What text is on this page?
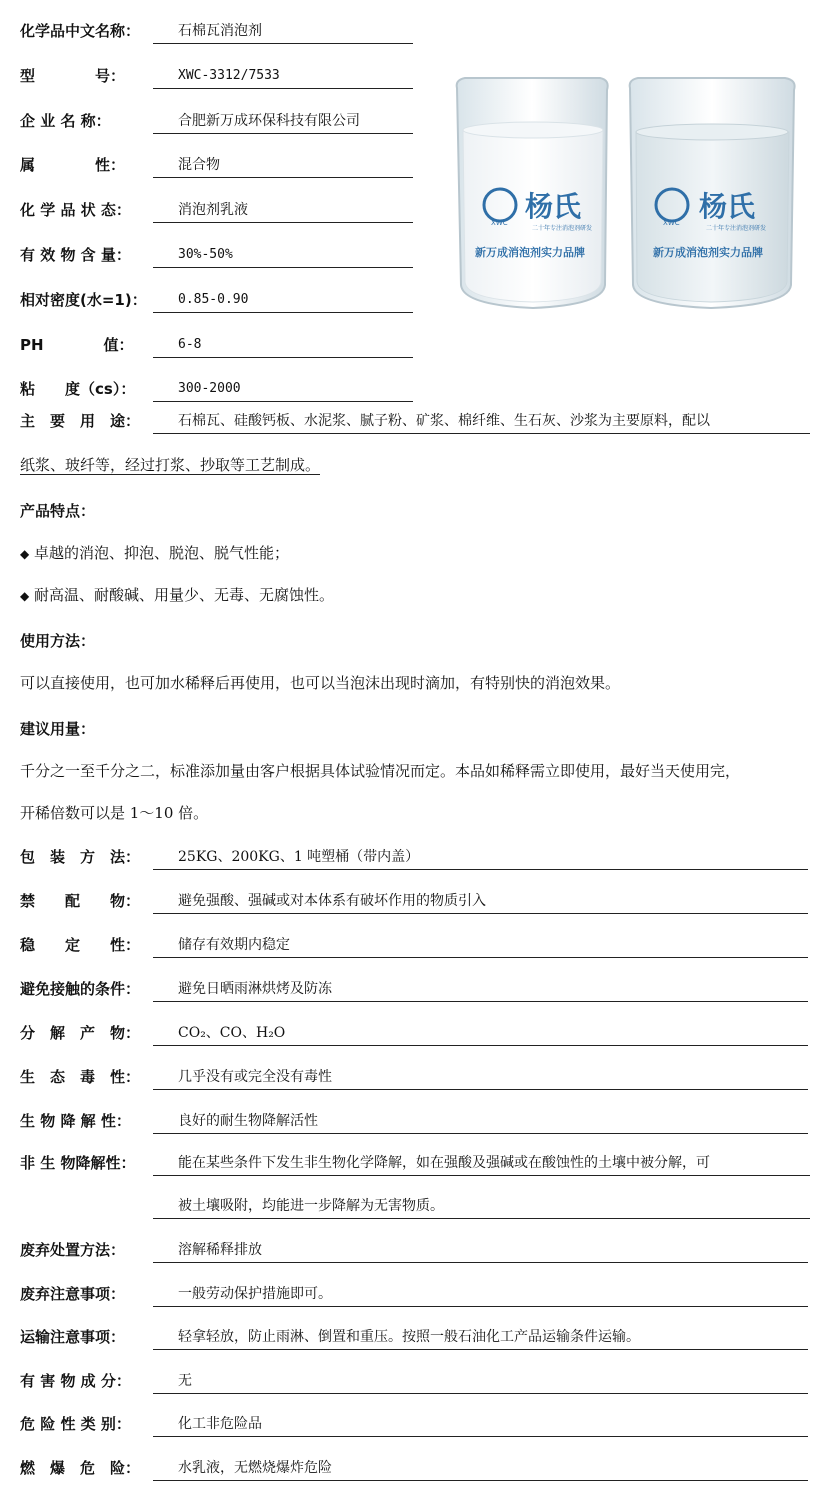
化学品中文名称：	石棉瓦消泡剂
型　　　　号：	XWC-3312/7533
企 业 名 称：	合肥新万成环保科技有限公司
属　　　　性：	混合物
化 学 品 状 态：	消泡剂乳液
有 效 物 含 量：	30%-50%
相对密度(水=1)：	0.85-0.90
PH　　　　值：	6-8
粘　　度（cs）：	300-2000
XWC 杨氏
二十年专注消泡剂研发
新万成消泡剂实力品牌
XWC 杨氏
二十年专注消泡剂研发
新万成消泡剂实力品牌
主　要　用　途：	石棉瓦、硅酸钙板、水泥浆、腻子粉、矿浆、棉纤维、生石灰、沙浆为主要原料，配以
纸浆、玻纤等，经过打浆、抄取等工艺制成。
产品特点：
◆ 卓越的消泡、抑泡、脱泡、脱气性能；
◆ 耐高温、耐酸碱、用量少、无毒、无腐蚀性。
使用方法：
可以直接使用，也可加水稀释后再使用，也可以当泡沫出现时滴加，有特别快的消泡效果。
建议用量：
千分之一至千分之二，标准添加量由客户根据具体试验情况而定。本品如稀释需立即使用，最好当天使用完，
开稀倍数可以是 1～10 倍。
包　装　方　法：	25KG、200KG、1 吨塑桶（带内盖）
禁　　配　　物：	避免强酸、强碱或对本体系有破坏作用的物质引入
稳　　定　　性：	储存有效期内稳定
避免接触的条件：	避免日晒雨淋烘烤及防冻
分　解　产　物：	CO₂、CO、H₂O
生　态　毒　性：	几乎没有或完全没有毒性
生 物 降 解 性：	良好的耐生物降解活性
非 生 物降解性：	能在某些条件下发生非生物化学降解，如在强酸及强碱或在酸蚀性的土壤中被分解，可
被土壤吸附，均能进一步降解为无害物质。
废弃处置方法：	溶解稀释排放
废弃注意事项：	一般劳动保护措施即可。
运输注意事项：	轻拿轻放，防止雨淋、倒置和重压。按照一般石油化工产品运输条件运输。
有 害 物 成 分：	无
危 险 性 类 别：	化工非危险品
燃　爆　危　险：	水乳液，无燃烧爆炸危险
